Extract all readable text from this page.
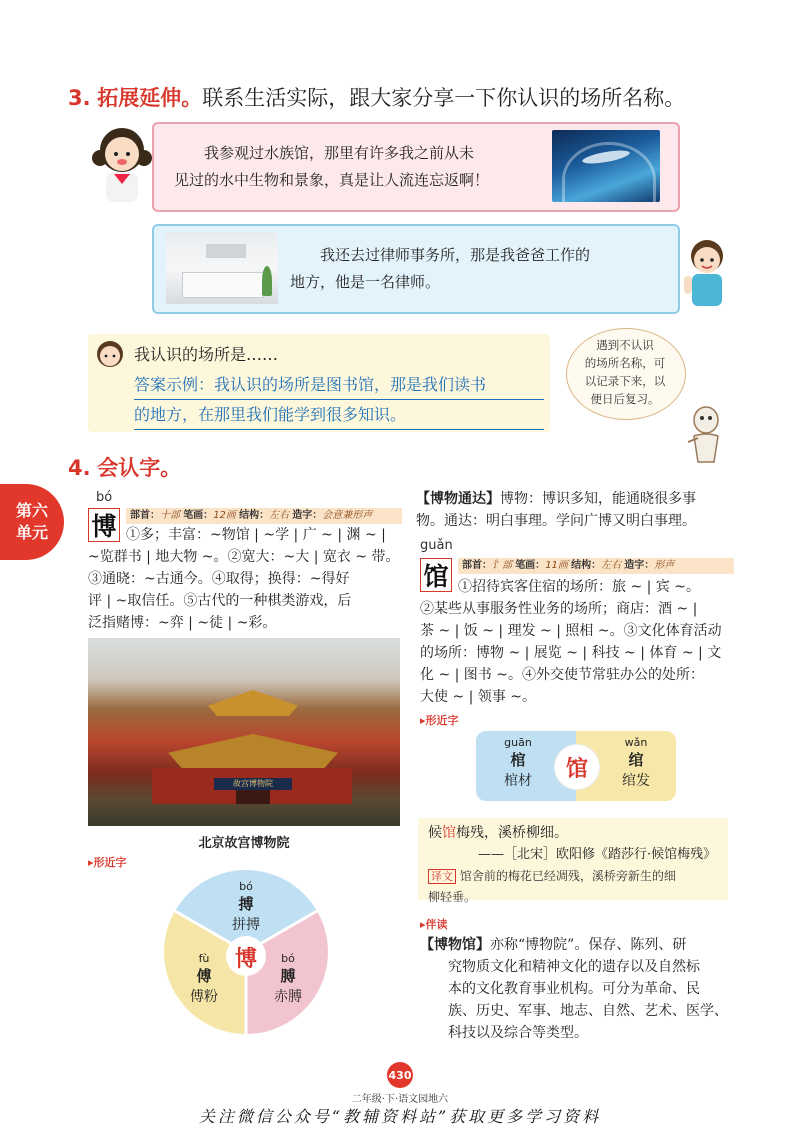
3. 拓展延伸。联系生活实际，跟大家分享一下你认识的场所名称。
我参观过水族馆，那里有许多我之前从未
见过的水中生物和景象，真是让人流连忘返啊！
我还去过律师事务所，那是我爸爸工作的
地方，他是一名律师。
我认识的场所是……
答案示例：我认识的场所是图书馆，那是我们读书
的地方，在那里我们能学到很多知识。
遇到不认识
的场所名称，可
以记录下来，以
便日后复习。
第六
单元
4. 会认字。
bó
博	部首：十部 笔画：12画 结构：左右 造字：会意兼形声
①多；丰富：~物馆 | ~学 | 广 ~ | 渊 ~ |
~览群书 | 地大物 ~。②宽大：~大 | 宽衣 ~ 带。
③通晓：~古通今。④取得；换得：~得好
评 | ~取信任。⑤古代的一种棋类游戏，后
泛指赌博：~弈 | ~徒 | ~彩。
故宫博物院
北京故宫博物院
▸形近字
博
bó
搏
拼搏
fù
傅
傅粉
bó
膊
赤膊
【博物通达】博物：博识多知，能通晓很多事
物。通达：明白事理。学问广博又明白事理。
guǎn
馆	部首：饣部 笔画：11画 结构：左右 造字：形声
①招待宾客住宿的场所：旅 ~ | 宾 ~。
②某些从事服务性业务的场所；商店：酒 ~ |
茶 ~ | 饭 ~ | 理发 ~ | 照相 ~。③文化体育活动
的场所：博物 ~ | 展览 ~ | 科技 ~ | 体育 ~ | 文
化 ~ | 图书 ~。④外交使节常驻办公的处所：
大使 ~ | 领事 ~。
▸形近字
馆
guān
棺
棺材
wǎn
绾
绾发
候馆梅残，溪桥柳细。
——［北宋］欧阳修《踏莎行·候馆梅残》
译文 馆舍前的梅花已经凋残，溪桥旁新生的细
柳轻垂。
▸伴读
【博物馆】亦称“博物院”。保存、陈列、研
究物质文化和精神文化的遗存以及自然标
本的文化教育事业机构。可分为革命、民
族、历史、军事、地志、自然、艺术、医学、
科技以及综合等类型。
430
二年级·下·语文园地六
关注微信公众号“教辅资料站”获取更多学习资料
